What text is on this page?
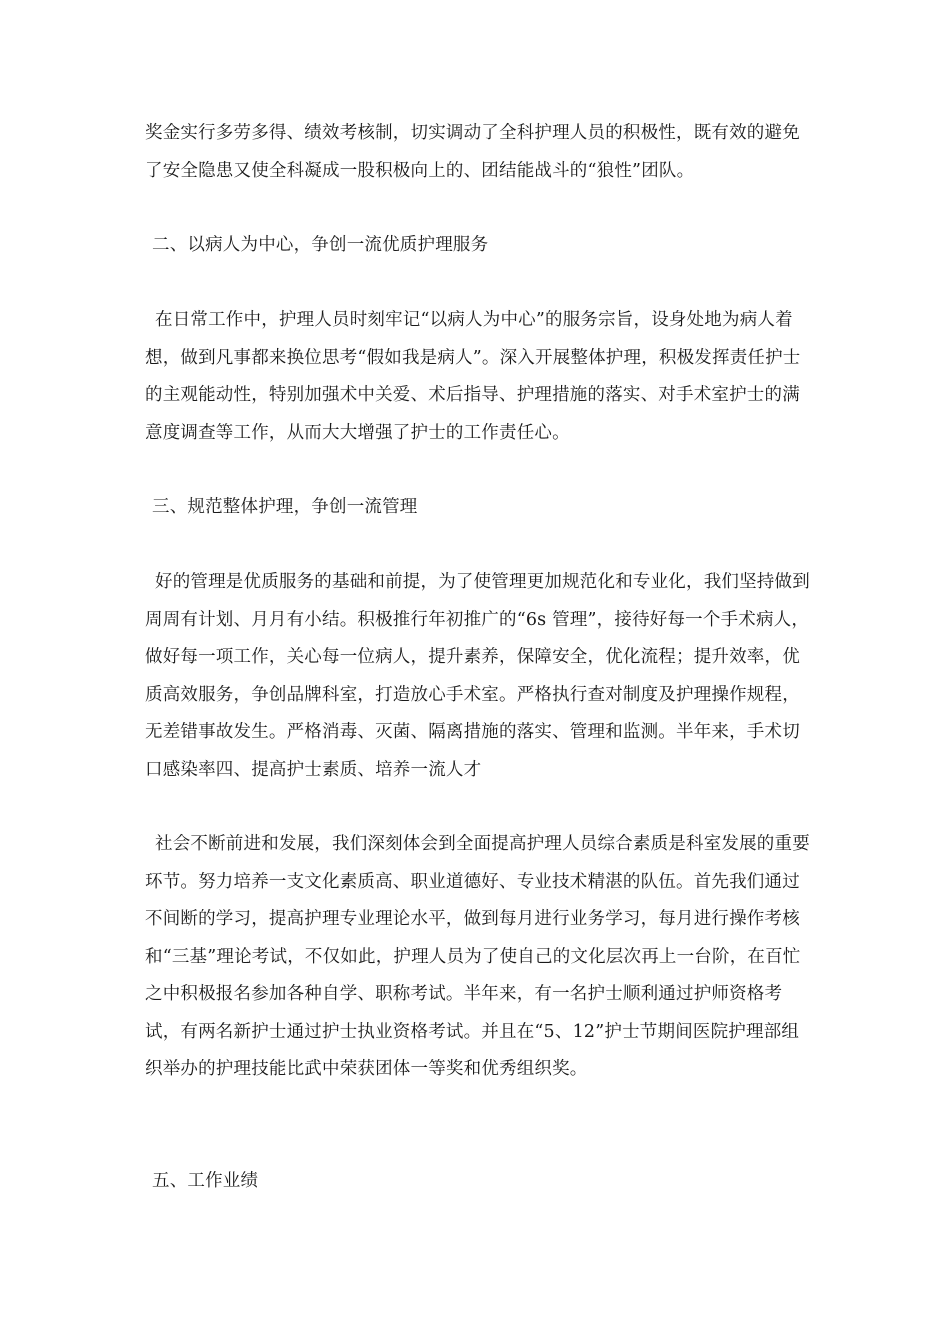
奖金实行多劳多得、绩效考核制，切实调动了全科护理人员的积极性，既有效的避免了安全隐患又使全科凝成一股积极向上的、团结能战斗的“狼性”团队。

二、以病人为中心，争创一流优质护理服务

在日常工作中，护理人员时刻牢记“以病人为中心”的服务宗旨，设身处地为病人着想，做到凡事都来换位思考“假如我是病人”。深入开展整体护理，积极发挥责任护士的主观能动性，特别加强术中关爱、术后指导、护理措施的落实、对手术室护士的满意度调查等工作，从而大大增强了护士的工作责任心。

三、规范整体护理，争创一流管理

好的管理是优质服务的基础和前提，为了使管理更加规范化和专业化，我们坚持做到周周有计划、月月有小结。积极推行年初推广的“6s 管理”，接待好每一个手术病人，做好每一项工作，关心每一位病人，提升素养，保障安全，优化流程；提升效率，优质高效服务，争创品牌科室，打造放心手术室。严格执行查对制度及护理操作规程，无差错事故发生。严格消毒、灭菌、隔离措施的落实、管理和监测。半年来，手术切口感染率四、提高护士素质、培养一流人才

社会不断前进和发展，我们深刻体会到全面提高护理人员综合素质是科室发展的重要环节。努力培养一支文化素质高、职业道德好、专业技术精湛的队伍。首先我们通过不间断的学习，提高护理专业理论水平，做到每月进行业务学习，每月进行操作考核和“三基”理论考试，不仅如此，护理人员为了使自己的文化层次再上一台阶，在百忙之中积极报名参加各种自学、职称考试。半年来，有一名护士顺利通过护师资格考试，有两名新护士通过护士执业资格考试。并且在“5、12”护士节期间医院护理部组织举办的护理技能比武中荣获团体一等奖和优秀组织奖。

五、工作业绩
